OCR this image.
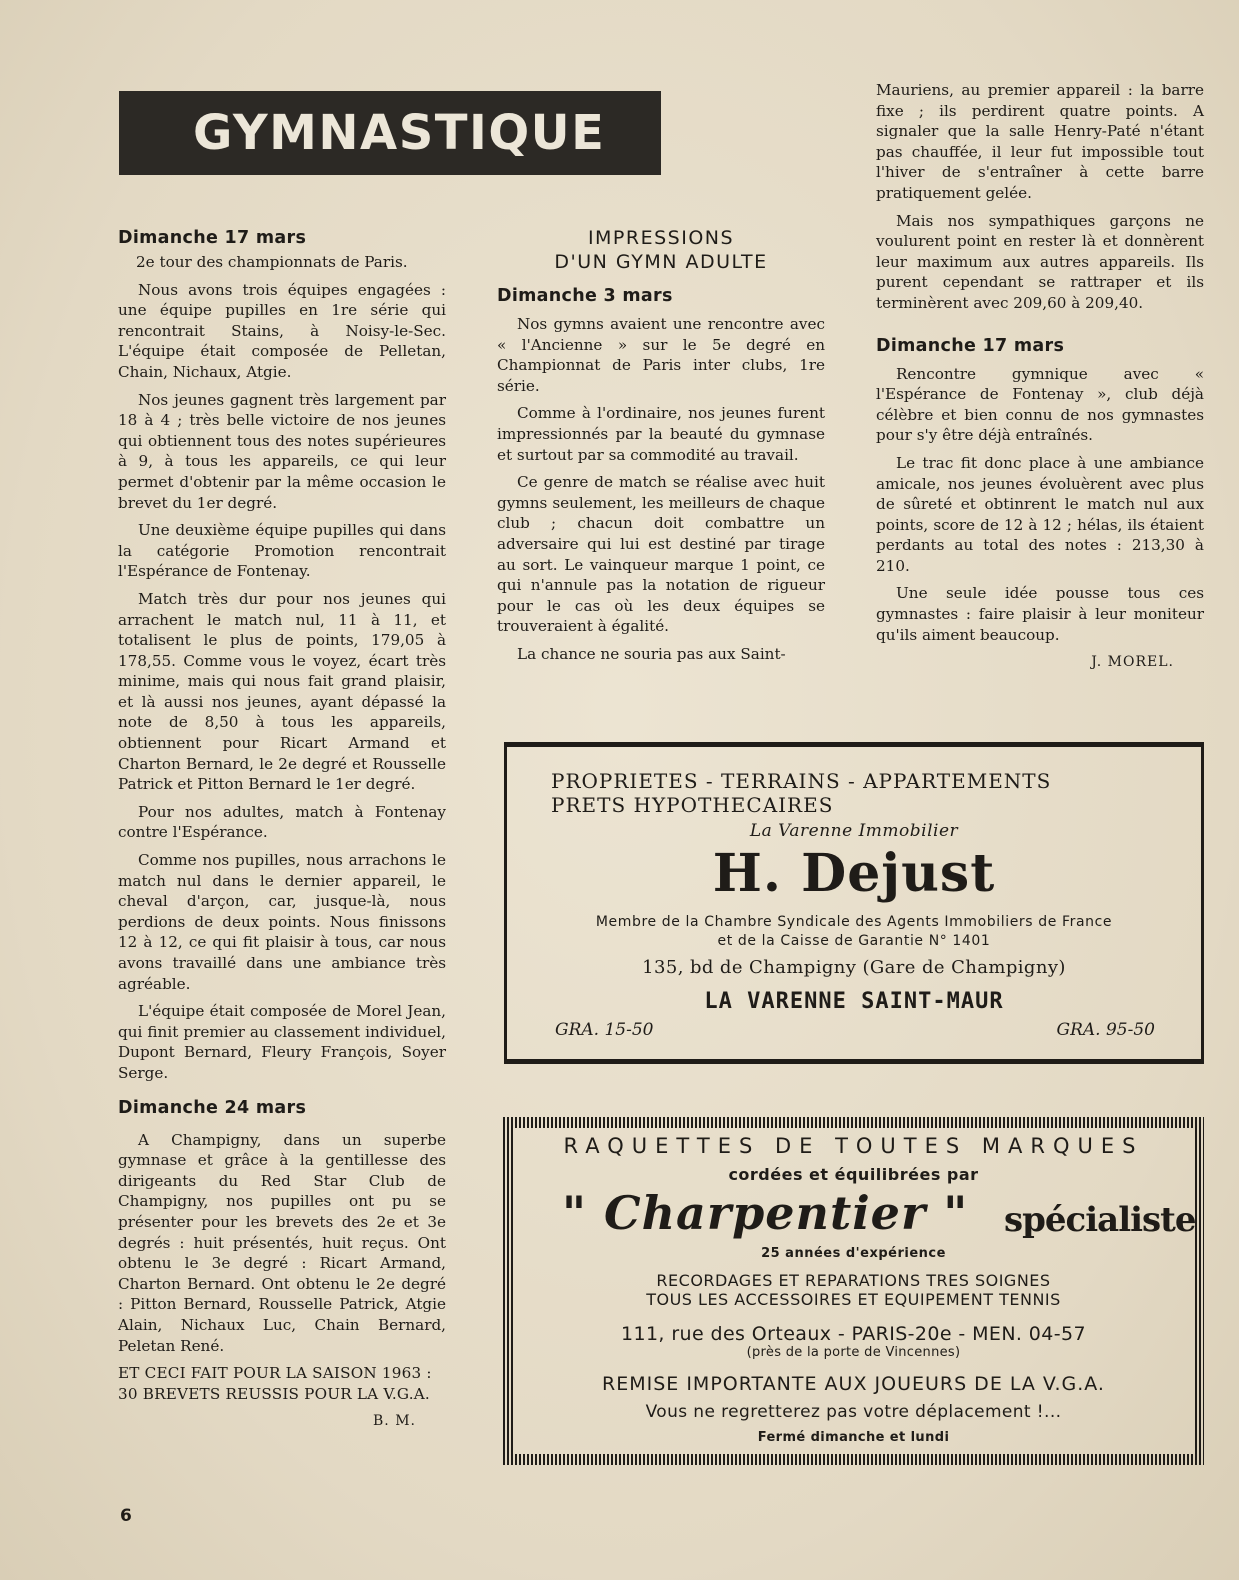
GYMNASTIQUE
Dimanche 17 mars

2e tour des championnats de Paris.

Nous avons trois équipes engagées : une équipe pupilles en 1re série qui rencontrait Stains, à Noisy-le-Sec. L'équipe était composée de Pelletan, Chain, Nichaux, Atgie.

Nos jeunes gagnent très largement par 18 à 4 ; très belle victoire de nos jeunes qui obtiennent tous des notes supérieures à 9, à tous les appareils, ce qui leur permet d'obtenir par la même occasion le brevet du 1er degré.

Une deuxième équipe pupilles qui dans la catégorie Promotion rencontrait l'Espérance de Fontenay.

Match très dur pour nos jeunes qui arrachent le match nul, 11 à 11, et totalisent le plus de points, 179,05 à 178,55. Comme vous le voyez, écart très minime, mais qui nous fait grand plaisir, et là aussi nos jeunes, ayant dépassé la note de 8,50 à tous les appareils, obtiennent pour Ricart Armand et Charton Bernard, le 2e degré et Rousselle Patrick et Pitton Bernard le 1er degré.

Pour nos adultes, match à Fontenay contre l'Espérance.

Comme nos pupilles, nous arrachons le match nul dans le dernier appareil, le cheval d'arçon, car, jusque-là, nous perdions de deux points. Nous finissons 12 à 12, ce qui fit plaisir à tous, car nous avons travaillé dans une ambiance très agréable.

L'équipe était composée de Morel Jean, qui finit premier au classement individuel, Dupont Bernard, Fleury François, Soyer Serge.

Dimanche 24 mars

A Champigny, dans un superbe gymnase et grâce à la gentillesse des dirigeants du Red Star Club de Champigny, nos pupilles ont pu se présenter pour les brevets des 2e et 3e degrés : huit présentés, huit reçus. Ont obtenu le 3e degré : Ricart Armand, Charton Bernard. Ont obtenu le 2e degré : Pitton Bernard, Rousselle Patrick, Atgie Alain, Nichaux Luc, Chain Bernard, Peletan René.

ET CECI FAIT POUR LA SAISON 1963 : 30 BREVETS REUSSIS POUR LA V.G.A.

B. M.

IMPRESSIONS
D'UN GYMN ADULTE
Dimanche 3 mars

Nos gymns avaient une rencontre avec « l'Ancienne » sur le 5e degré en Championnat de Paris inter clubs, 1re série.

Comme à l'ordinaire, nos jeunes furent impressionnés par la beauté du gymnase et surtout par sa commodité au travail.

Ce genre de match se réalise avec huit gymns seulement, les meilleurs de chaque club ; chacun doit combattre un adversaire qui lui est destiné par tirage au sort. Le vainqueur marque 1 point, ce qui n'annule pas la notation de rigueur pour le cas où les deux équipes se trouveraient à égalité.

La chance ne souria pas aux Saint-

Mauriens, au premier appareil : la barre fixe ; ils perdirent quatre points. A signaler que la salle Henry-Paté n'étant pas chauffée, il leur fut impossible tout l'hiver de s'entraîner à cette barre pratiquement gelée.

Mais nos sympathiques garçons ne voulurent point en rester là et donnèrent leur maximum aux autres appareils. Ils purent cependant se rattraper et ils terminèrent avec 209,60 à 209,40.

Dimanche 17 mars

Rencontre gymnique avec « l'Espérance de Fontenay », club déjà célèbre et bien connu de nos gymnastes pour s'y être déjà entraînés.

Le trac fit donc place à une ambiance amicale, nos jeunes évoluèrent avec plus de sûreté et obtinrent le match nul aux points, score de 12 à 12 ; hélas, ils étaient perdants au total des notes : 213,30 à 210.

Une seule idée pousse tous ces gymnastes : faire plaisir à leur moniteur qu'ils aiment beaucoup.

J. MOREL.

PROPRIETES - TERRAINS - APPARTEMENTS
PRETS HYPOTHECAIRES
La Varenne Immobilier
H. Dejust
Membre de la Chambre Syndicale des Agents Immobiliers de France
et de la Caisse de Garantie N° 1401
135, bd de Champigny (Gare de Champigny)
LA VARENNE SAINT-MAUR
GRA. 15-50	GRA. 95-50
RAQUETTES DE TOUTES MARQUES
cordées et équilibrées par
" Charpentier " spécialiste
25 années d'expérience
RECORDAGES ET REPARATIONS TRES SOIGNES
TOUS LES ACCESSOIRES ET EQUIPEMENT TENNIS
111, rue des Orteaux - PARIS-20e - MEN. 04-57
(près de la porte de Vincennes)
REMISE IMPORTANTE AUX JOUEURS DE LA V.G.A.
Vous ne regretterez pas votre déplacement !...
Fermé dimanche et lundi
6
